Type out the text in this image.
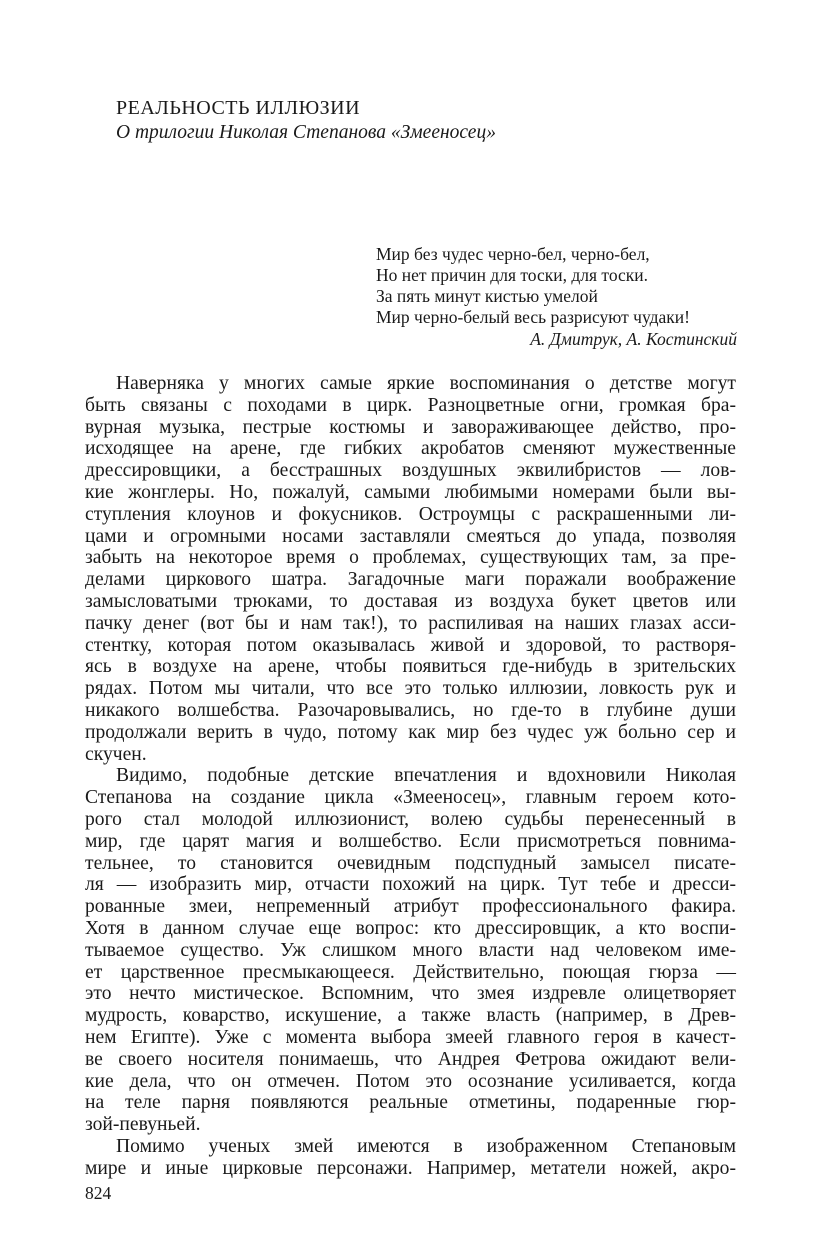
РЕАЛЬНОСТЬ ИЛЛЮЗИИ
О трилогии Николая Степанова «Змееносец»
Мир без чудес черно-бел, черно-бел,
Но нет причин для тоски, для тоски.
За пять минут кистью умелой
Мир черно-белый весь разрисуют чудаки!
А. Дмитрук, А. Костинский
Наверняка у многих самые яркие воспоминания о детстве могут
быть связаны с походами в цирк. Разноцветные огни, громкая бра-
вурная музыка, пестрые костюмы и завораживающее действо, про-
исходящее на арене, где гибких акробатов сменяют мужественные
дрессировщики, а бесстрашных воздушных эквилибристов — лов-
кие жонглеры. Но, пожалуй, самыми любимыми номерами были вы-
ступления клоунов и фокусников. Остроумцы с раскрашенными ли-
цами и огромными носами заставляли смеяться до упада, позволяя
забыть на некоторое время о проблемах, существующих там, за пре-
делами циркового шатра. Загадочные маги поражали воображение
замысловатыми трюками, то доставая из воздуха букет цветов или
пачку денег (вот бы и нам так!), то распиливая на наших глазах асси-
стентку, которая потом оказывалась живой и здоровой, то растворя-
ясь в воздухе на арене, чтобы появиться где-нибудь в зрительских
рядах. Потом мы читали, что все это только иллюзии, ловкость рук и
никакого волшебства. Разочаровывались, но где-то в глубине души
продолжали верить в чудо, потому как мир без чудес уж больно сер и
скучен.
Видимо, подобные детские впечатления и вдохновили Николая
Степанова на создание цикла «Змееносец», главным героем кото-
рого стал молодой иллюзионист, волею судьбы перенесенный в
мир, где царят магия и волшебство. Если присмотреться повнима-
тельнее, то становится очевидным подспудный замысел писате-
ля — изобразить мир, отчасти похожий на цирк. Тут тебе и дресси-
рованные змеи, непременный атрибут профессионального факира.
Хотя в данном случае еще вопрос: кто дрессировщик, а кто воспи-
тываемое существо. Уж слишком много власти над человеком име-
ет царственное пресмыкающееся. Действительно, поющая гюрза —
это нечто мистическое. Вспомним, что змея издревле олицетворяет
мудрость, коварство, искушение, а также власть (например, в Древ-
нем Египте). Уже с момента выбора змеей главного героя в качест-
ве своего носителя понимаешь, что Андрея Фетрова ожидают вели-
кие дела, что он отмечен. Потом это осознание усиливается, когда
на теле парня появляются реальные отметины, подаренные гюр-
зой-певуньей.
Помимо ученых змей имеются в изображенном Степановым
мире и иные цирковые персонажи. Например, метатели ножей, акро-
824
